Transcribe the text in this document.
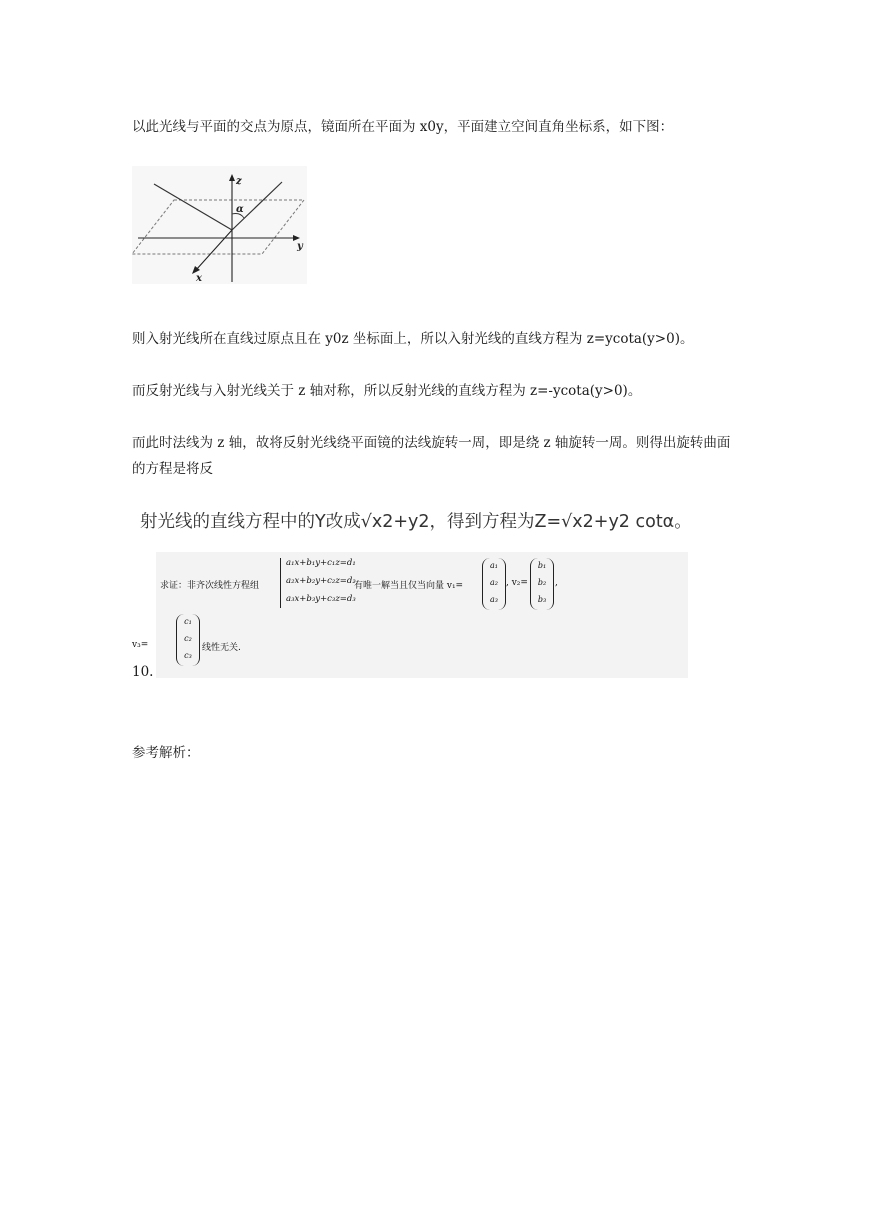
以此光线与平面的交点为原点，镜面所在平面为 x0y，平面建立空间直角坐标系，如下图：

z
y
x
α

则入射光线所在直线过原点且在 y0z 坐标面上，所以入射光线的直线方程为 z=ycota(y>0)。

而反射光线与入射光线关于 z 轴对称，所以反射光线的直线方程为 z=-ycota(y>0)。

而此时法线为 z 轴，故将反射光线绕平面镜的法线旋转一周，即是绕 z 轴旋转一周。则得出旋转曲面的方程是将反

射光线的直线方程中的Y改成√x2+y2，得到方程为Z=√x2+y2 cotα。

求证：非齐次线性方程组
a₁x+b₁y+c₁z=d₁
a₂x+b₂y+c₂z=d₂
a₃x+b₃y+c₃z=d₃
有唯一解当且仅当向量 v₁=
a₁
a₂
a₃
, v₂=
b₁
b₂
b₃
,
v₃=
c₁
c₂
c₃
线性无关.
10.

参考解析：
